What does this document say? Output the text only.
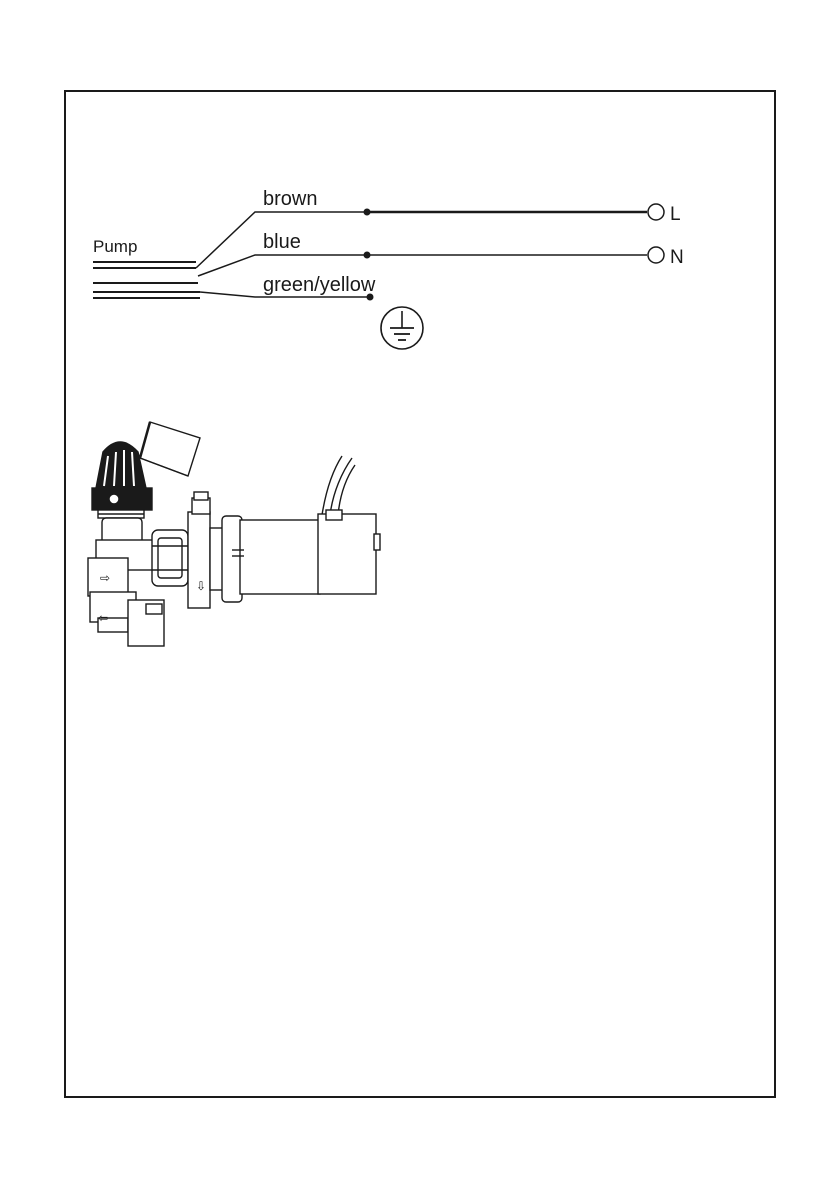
Pump
brown
blue
green/yellow
L
N
⇨
⇦
⇩
